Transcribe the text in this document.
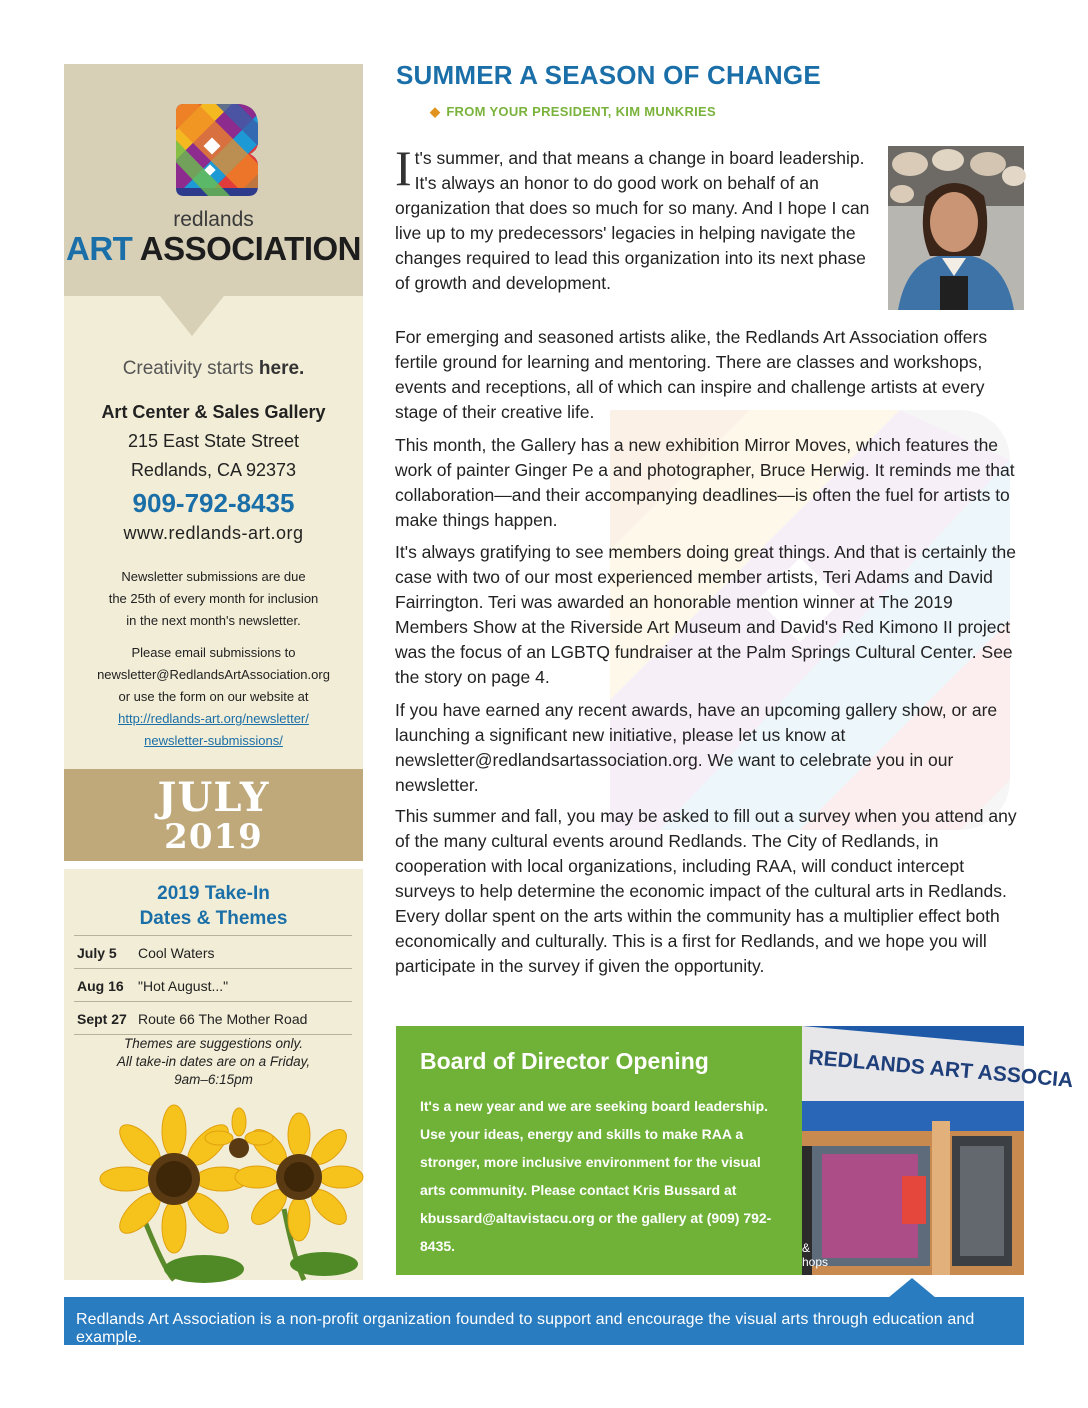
redlands
ART ASSOCIATION
Creativity starts here.
Art Center & Sales Gallery
215 East State Street
Redlands, CA 92373
909-792-8435
www.redlands-art.org
Newsletter submissions are due
the 25th of every month for inclusion
in the next month's newsletter.
Please email submissions to
newsletter@RedlandsArtAssociation.org
or use the form on our website at
http://redlands-art.org/newsletter/
newsletter-submissions/
JULY
2019
2019 Take-In
Dates & Themes
July 5 Cool Waters
Aug 16 "Hot August..."
Sept 27 Route 66 The Mother Road
Themes are suggestions only.
All take-in dates are on a Friday,
9am–6:15pm
SUMMER A SEASON OF CHANGE
◆ FROM YOUR PRESIDENT, KIM MUNKRIES
It's summer, and that means a change in board leadership. It's always an honor to do good work on behalf of an organization that does so much for so many. And I hope I can live up to my predecessors' legacies in helping navigate the changes required to lead this organization into its next phase of growth and development.
For emerging and seasoned artists alike, the Redlands Art Association offers fertile ground for learning and mentoring. There are classes and workshops, events and receptions, all of which can inspire and challenge artists at every stage of their creative life.
This month, the Gallery has a new exhibition Mirror Moves, which features the work of painter Ginger Pe a and photographer, Bruce Herwig. It reminds me that collaboration—and their accompanying deadlines—is often the fuel for artists to make things happen.
It's always gratifying to see members doing great things. And that is certainly the case with two of our most experienced member artists, Teri Adams and David Fairrington. Teri was awarded an honorable mention winner at The 2019 Members Show at the Riverside Art Museum and David's Red Kimono II project was the focus of an LGBTQ fundraiser at the Palm Springs Cultural Center. See the story on page 4.
If you have earned any recent awards, have an upcoming gallery show, or are launching a significant new initiative, please let us know at newsletter@redlandsartassociation.org. We want to celebrate you in our newsletter.
This summer and fall, you may be asked to fill out a survey when you attend any of the many cultural events around Redlands. The City of Redlands, in cooperation with local organizations, including RAA, will conduct intercept surveys to help determine the economic impact of the cultural arts in Redlands. Every dollar spent on the arts within the community has a multiplier effect both economically and culturally. This is a first for Redlands, and we hope you will participate in the survey if given the opportunity.
Board of Director Opening
It's a new year and we are seeking board leadership. Use your ideas, energy and skills to make RAA a stronger, more inclusive environment for the visual arts community. Please contact Kris Bussard at kbussard@altavistacu.org or the gallery at (909) 792-8435.
REDLANDS ART ASSOCIA
&
hops
Redlands Art Association is a non-profit organization founded to support and encourage the visual arts through education and example.
